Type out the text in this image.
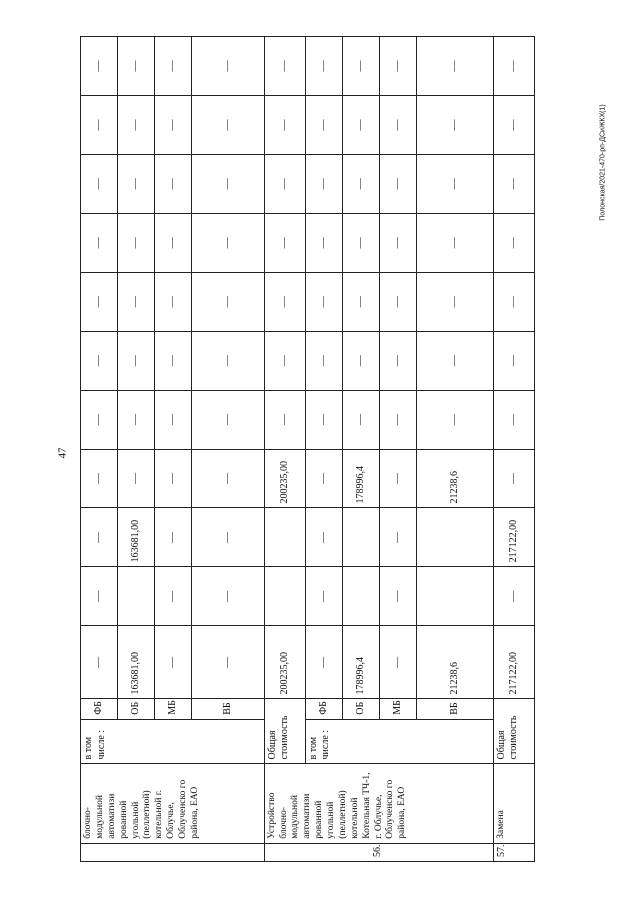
47
Полонская/2021-470-рп-ДСиЖКХ(1)
	блочно-модульной автоматизи рованной угольной (пеллетной) котельной г. Облучье, Облученско го района, ЕАО	в том числе :	ФБ	—	—	—	—	—	—	—	—	—	—	—
			ОБ	163681,00		163681,00	—	—	—	—	—	—	—	—
			МБ	—	—	—	—	—	—	—	—	—	—	—
			ВБ	—	—	—	—	—	—	—	—	—	—	—
56.	Устройство блочно-модульной автоматизи рованной угольной (пеллетной) котельной Котельная ТЧ-1, г. Облучье, Облученско го района, ЕАО	Общая стоимость		200235,00			200235,00	—	—	—	—	—	—	—
		в том числе :	ФБ	—	—	—	—	—	—	—	—	—	—	—
			ОБ	178996,4			178996,4	—	—	—	—	—	—	—
			МБ	—	—	—	—	—	—	—	—	—	—	—
			ВБ	21238,6			21238,6	—	—	—	—	—	—	—
57.	Замена	Общая стоимость		217122,00	—	217122,00	—	—	—	—	—	—	—	—
